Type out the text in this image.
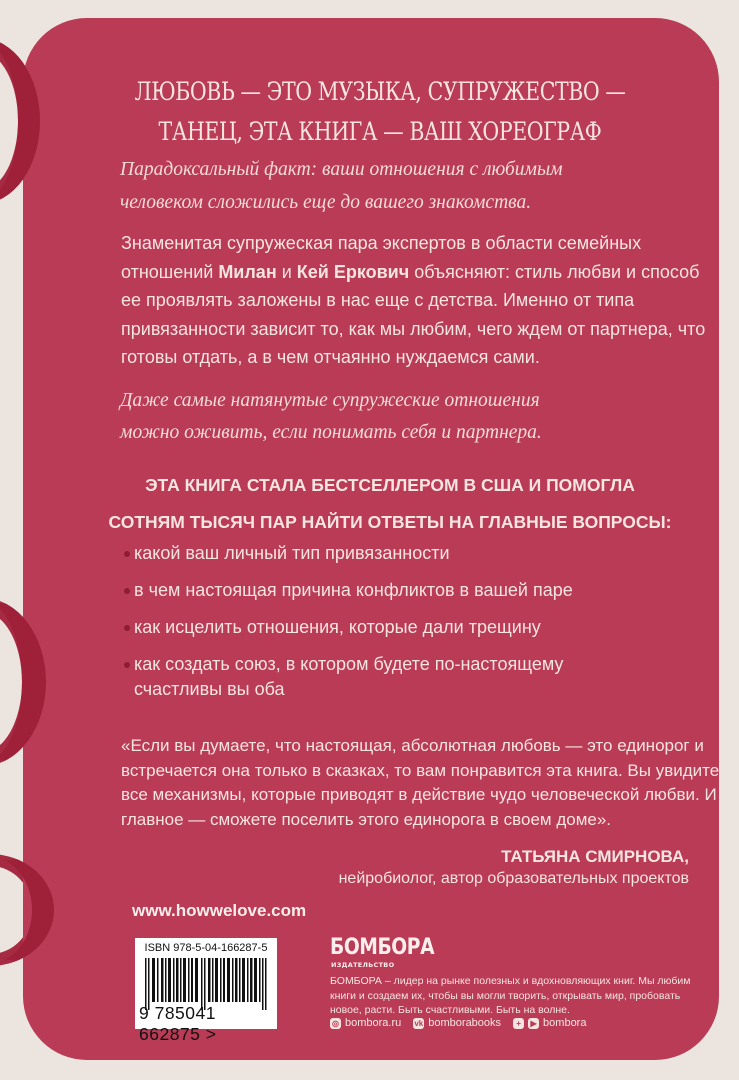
ЛЮБОВЬ — ЭТО МУЗЫКА, СУПРУЖЕСТВО —
ТАНЕЦ, ЭТА КНИГА — ВАШ ХОРЕОГРАФ
Парадоксальный факт: ваши отношения с любимым
человеком сложились еще до вашего знакомства.
Знаменитая супружеская пара экспертов в области семейных отношений Милан и Кей Еркович объясняют: стиль любви и способ ее проявлять заложены в нас еще с детства. Именно от типа привязанности зависит то, как мы любим, чего ждем от партнера, что готовы отдать, а в чем отчаянно нуждаемся сами.
Даже самые натянутые супружеские отношения
можно оживить, если понимать себя и партнера.
ЭТА КНИГА СТАЛА БЕСТСЕЛЛЕРОМ В США И ПОМОГЛА
СОТНЯМ ТЫСЯЧ ПАР НАЙТИ ОТВЕТЫ НА ГЛАВНЫЕ ВОПРОСЫ:
какой ваш личный тип привязанности
в чем настоящая причина конфликтов в вашей паре
как исцелить отношения, которые дали трещину
как создать союз, в котором будете по-настоящему счастливы вы оба
«Если вы думаете, что настоящая, абсолютная любовь — это единорог и встречается она только в сказках, то вам понравится эта книга. Вы увидите все механизмы, которые приводят в действие чудо человеческой любви. И главное — сможете поселить этого единорога в своем доме».
ТАТЬЯНА СМИРНОВА,
нейробиолог, автор образовательных проектов
www.howwelove.com
ISBN 978-5-04-166287-5
9 785041 662875 >
БОМБОРА
ИЗДАТЕЛЬСТВО
БОМБОРА – лидер на рынке полезных и вдохновляющих книг. Мы любим книги и создаем их, чтобы вы могли творить, открывать мир, пробовать новое, расти. Быть счастливыми. Быть на волне.
◎ bombora.ru vk bomborabooks	+	▶ bombora
